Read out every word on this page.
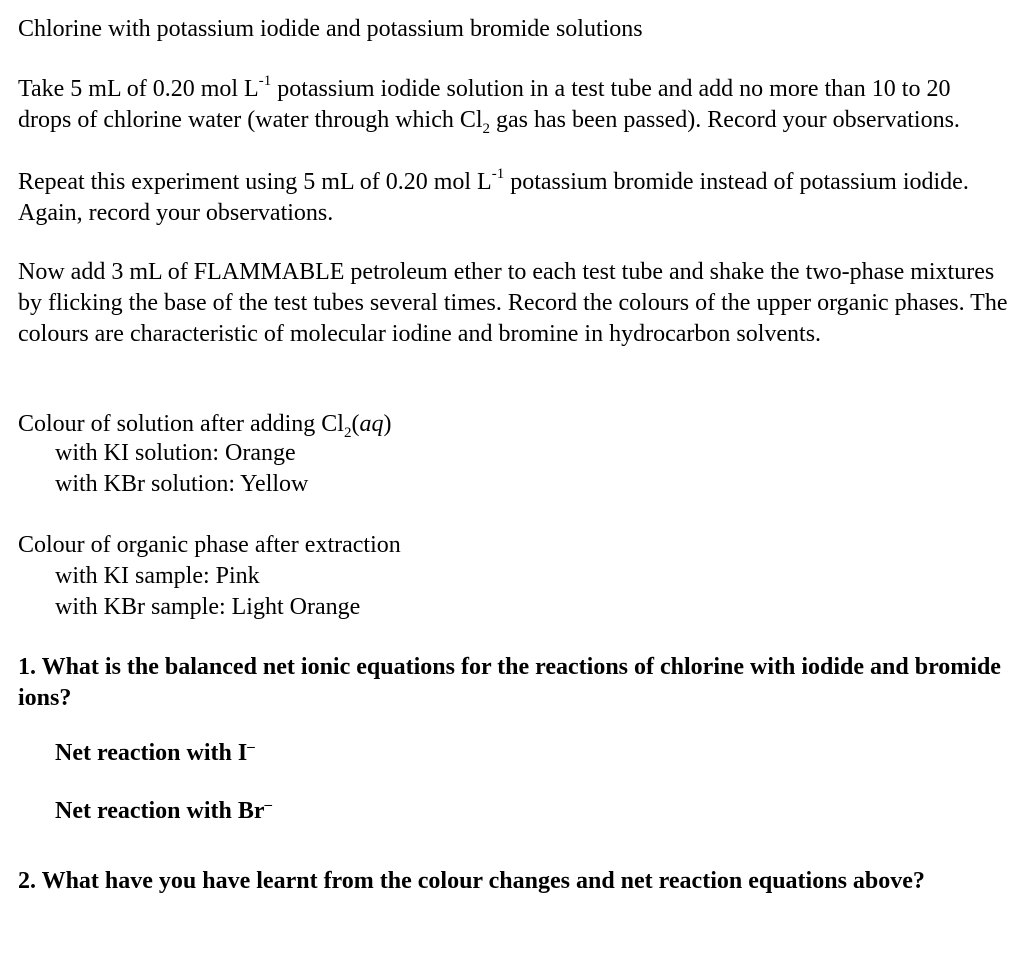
Chlorine with potassium iodide and potassium bromide solutions

Take 5 mL of 0.20 mol $L^{-1}$ potassium iodide solution in a test tube and add no more than 10 to 20 drops of chlorine water (water through which $Cl_2$ gas has been passed). Record your observations.

Repeat this experiment using 5 mL of 0.20 mol $L^{-1}$ potassium bromide instead of potassium iodide. Again, record your observations.

Now add 3 mL of FLAMMABLE petroleum ether to each test tube and shake the two-phase mixtures by flicking the base of the test tubes several times. Record the colours of the upper organic phases. The colours are characteristic of molecular iodine and bromine in hydrocarbon solvents.

Colour of solution after adding $Cl_2(aq)$

with KI solution: Orange

with KBr solution: Yellow

Colour of organic phase after extraction

with KI sample: Pink

with KBr sample: Light Orange

1. What is the balanced net ionic equations for the reactions of chlorine with iodide and bromide ions?

Net reaction with I–

Net reaction with Br–

2. What have you have learnt from the colour changes and net reaction equations above?
